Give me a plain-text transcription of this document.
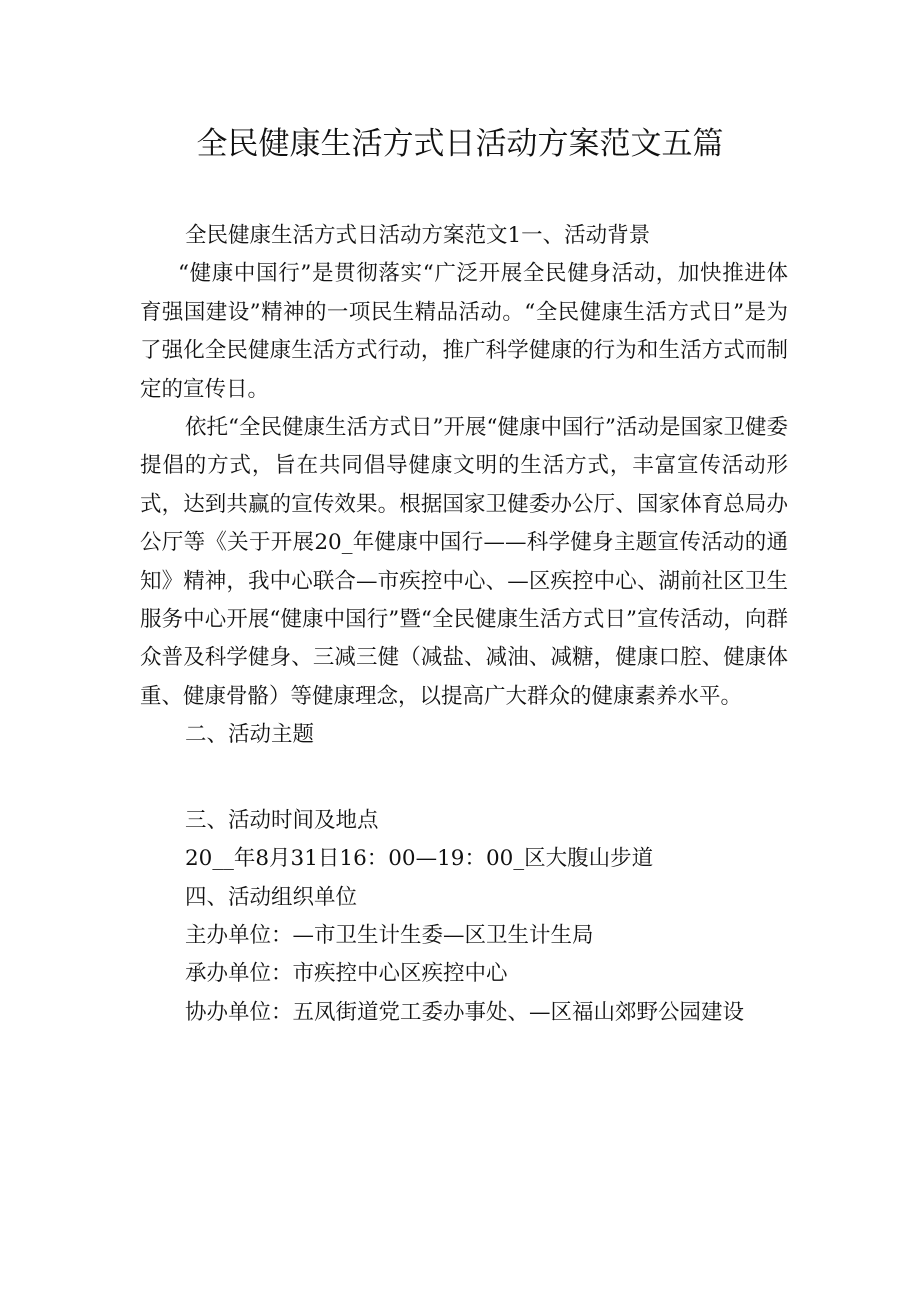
全民健康生活方式日活动方案范文五篇

全民健康生活方式日活动方案范文1一、活动背景

“健康中国行”是贯彻落实“广泛开展全民健身活动，加快推进体育强国建设”精神的一项民生精品活动。“全民健康生活方式日”是为了强化全民健康生活方式行动，推广科学健康的行为和生活方式而制定的宣传日。

依托“全民健康生活方式日”开展“健康中国行”活动是国家卫健委提倡的方式，旨在共同倡导健康文明的生活方式，丰富宣传活动形式，达到共赢的宣传效果。根据国家卫健委办公厅、国家体育总局办公厅等《关于开展20_年健康中国行——科学健身主题宣传活动的通知》精神，我中心联合—市疾控中心、—区疾控中心、湖前社区卫生服务中心开展“健康中国行”暨“全民健康生活方式日”宣传活动，向群众普及科学健身、三减三健（减盐、减油、减糖，健康口腔、健康体重、健康骨骼）等健康理念，以提高广大群众的健康素养水平。

二、活动主题

三、活动时间及地点

20__年8月31日16：00—19：00_区大腹山步道

四、活动组织单位

主办单位：—市卫生计生委—区卫生计生局

承办单位：市疾控中心区疾控中心

协办单位：五凤街道党工委办事处、—区福山郊野公园建设
